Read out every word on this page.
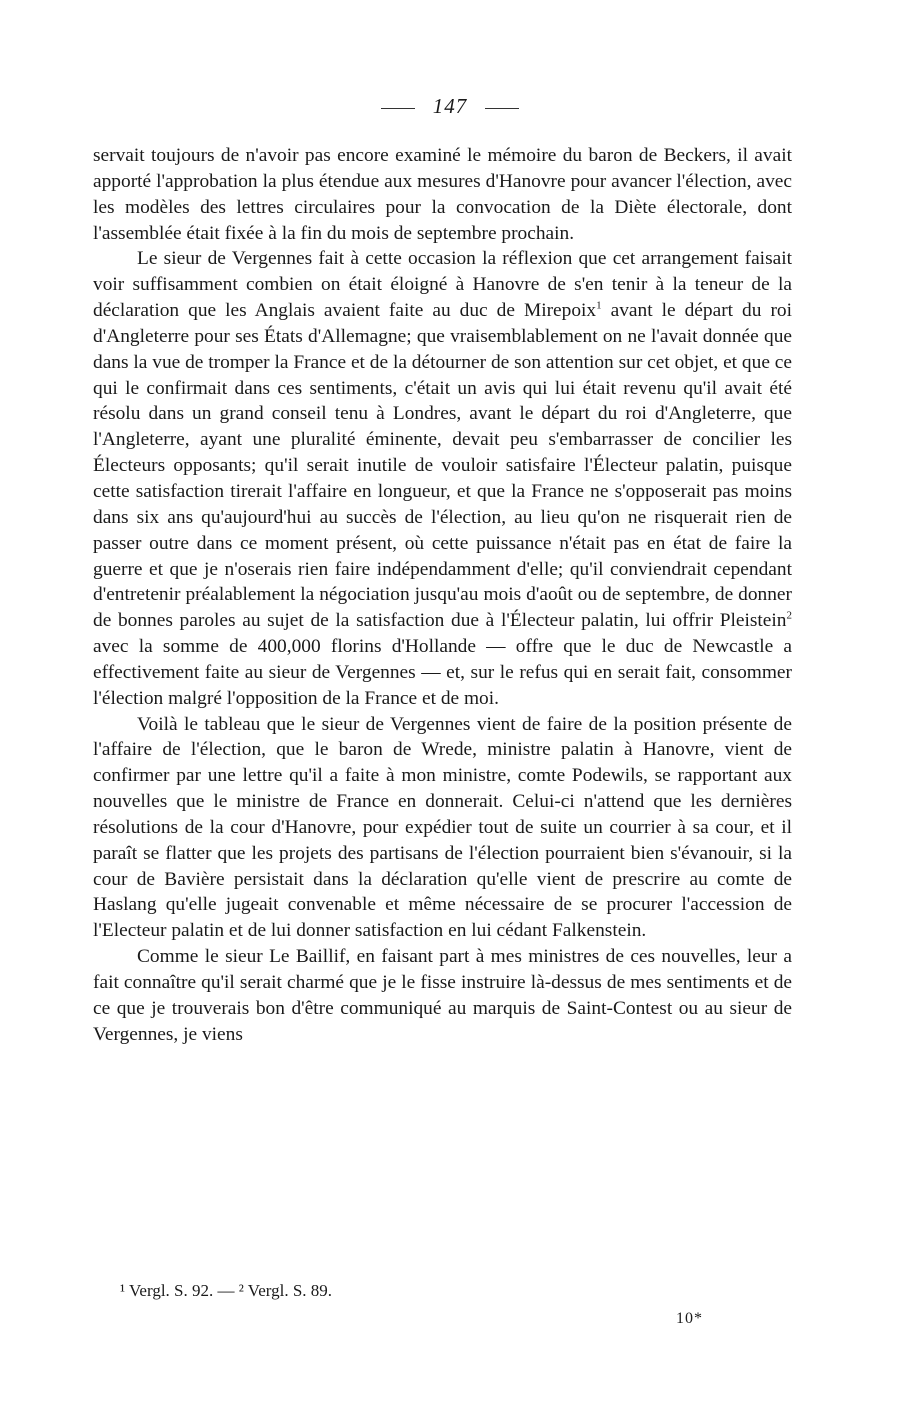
147

servait toujours de n'avoir pas encore examiné le mémoire du baron de Beckers, il avait apporté l'approbation la plus étendue aux mesures d'Hanovre pour avancer l'élection, avec les modèles des lettres circulaires pour la convocation de la Diète électorale, dont l'assemblée était fixée à la fin du mois de septembre prochain.

Le sieur de Vergennes fait à cette occasion la réflexion que cet arrangement faisait voir suffisamment combien on était éloigné à Hanovre de s'en tenir à la teneur de la déclaration que les Anglais avaient faite au duc de Mirepoix$^1$ avant le départ du roi d'Angleterre pour ses États d'Allemagne; que vraisemblablement on ne l'avait donnée que dans la vue de tromper la France et de la détourner de son attention sur cet objet, et que ce qui le confirmait dans ces sentiments, c'était un avis qui lui était revenu qu'il avait été résolu dans un grand conseil tenu à Londres, avant le départ du roi d'Angleterre, que l'Angleterre, ayant une pluralité éminente, devait peu s'embarrasser de concilier les Électeurs opposants; qu'il serait inutile de vouloir satisfaire l'Électeur palatin, puisque cette satisfaction tirerait l'affaire en longueur, et que la France ne s'opposerait pas moins dans six ans qu'aujourd'hui au succès de l'élection, au lieu qu'on ne risquerait rien de passer outre dans ce moment présent, où cette puissance n'était pas en état de faire la guerre et que je n'oserais rien faire indépendamment d'elle; qu'il conviendrait cependant d'entretenir préalablement la négociation jusqu'au mois d'août ou de septembre, de donner de bonnes paroles au sujet de la satisfaction due à l'Électeur palatin, lui offrir Pleistein$^2$ avec la somme de 400,000 florins d'Hollande — offre que le duc de Newcastle a effectivement faite au sieur de Vergennes — et, sur le refus qui en serait fait, consommer l'élection malgré l'opposition de la France et de moi.

Voilà le tableau que le sieur de Vergennes vient de faire de la position présente de l'affaire de l'élection, que le baron de Wrede, ministre palatin à Hanovre, vient de confirmer par une lettre qu'il a faite à mon ministre, comte Podewils, se rapportant aux nouvelles que le ministre de France en donnerait. Celui-ci n'attend que les dernières résolutions de la cour d'Hanovre, pour expédier tout de suite un courrier à sa cour, et il paraît se flatter que les projets des partisans de l'élection pourraient bien s'évanouir, si la cour de Bavière persistait dans la déclaration qu'elle vient de prescrire au comte de Haslang qu'elle jugeait convenable et même nécessaire de se procurer l'accession de l'Electeur palatin et de lui donner satisfaction en lui cédant Falkenstein.

Comme le sieur Le Baillif, en faisant part à mes ministres de ces nouvelles, leur a fait connaître qu'il serait charmé que je le fisse instruire là-dessus de mes sentiments et de ce que je trouverais bon d'être communiqué au marquis de Saint-Contest ou au sieur de Vergennes, je viens

¹ Vergl. S. 92. — ² Vergl. S. 89.
10*
